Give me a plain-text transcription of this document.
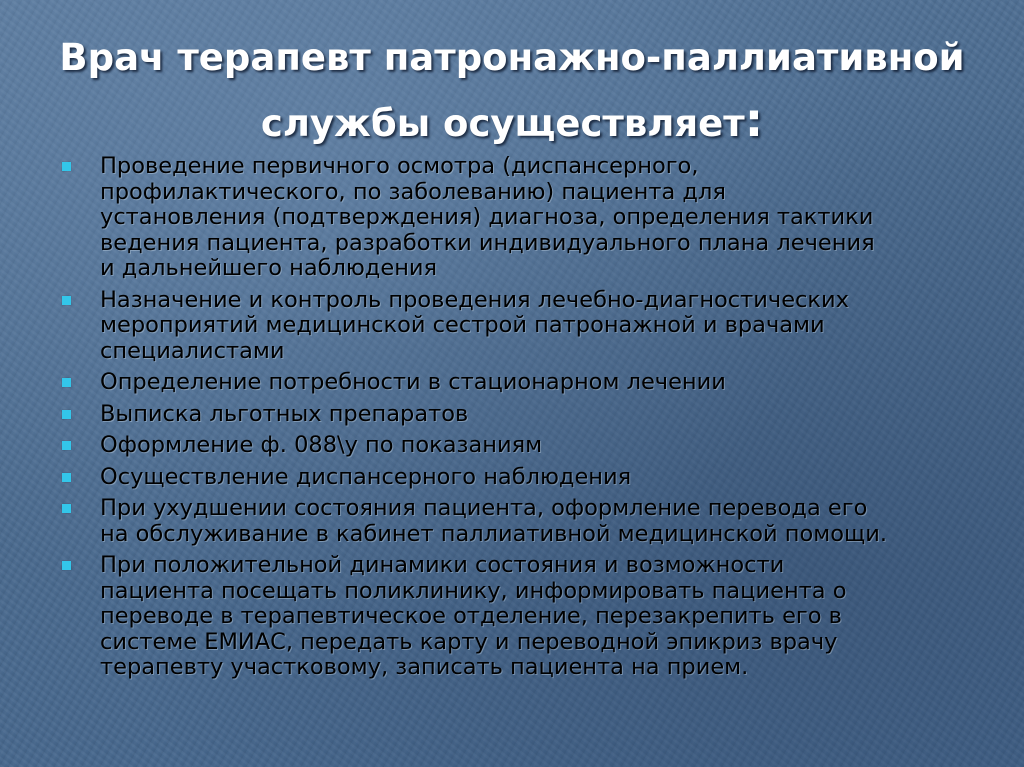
Врач терапевт патронажно-паллиативной
службы осуществляет:
Проведение первичного осмотра (диспансерного,
профилактического, по заболеванию) пациента для
установления (подтверждения) диагноза, определения тактики
ведения пациента, разработки индивидуального плана лечения
и дальнейшего наблюдения
Назначение и контроль проведения лечебно-диагностических
мероприятий медицинской сестрой патронажной и врачами
специалистами
Определение потребности в стационарном лечении
Выписка льготных препаратов
Оформление ф. 088\у по показаниям
Осуществление диспансерного наблюдения
При ухудшении состояния пациента, оформление перевода его
на обслуживание в кабинет паллиативной медицинской помощи.
При положительной динамики состояния и возможности
пациента посещать поликлинику, информировать пациента о
переводе в терапевтическое отделение, перезакрепить его в
системе ЕМИАС, передать карту и переводной эпикриз врачу
терапевту участковому, записать пациента на прием.
